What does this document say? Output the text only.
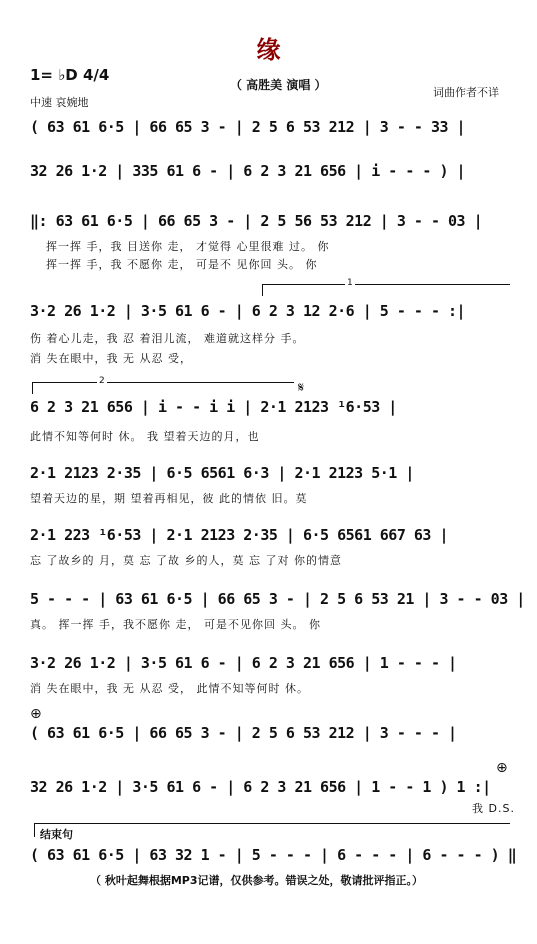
缘
1= ♭D 4/4
中速 哀婉地
（ 高胜美 演唱 ）
词曲作者不详
( 63 61 6·5 | 66 65 3 - | 2 5 6 53 212 | 3 - - 33 |
32 26 1·2 | 335 61 6 - | 6 2 3 21 656 | i - - - ) |
‖: 63 61 6·5 | 66 65 3 - | 2 5 56 53 212 | 3 - - 03 |
挥一挥 手，我 目送你 走， 才觉得 心里很难 过。 你
挥一挥 手，我 不愿你 走， 可是不 见你回 头。 你
1
3·2 26 1·2 | 3·5 61 6 - | 6 2 3 12 2·6 | 5 - - - :|
伤 着心儿走，我 忍 着泪儿流， 难道就这样分 手。
消 失在眼中，我 无 从忍 受，
2	𝄋
6 2 3 21 656 | i - - i i | 2·1 2123 ¹6·53 |
此情不知等何时 休。 我 望着天边的月，也
2·1 2123 2·35 | 6·5 6561 6·3 | 2·1 2123 5·1 |
望着天边的星，期 望着再相见，彼 此的情依 旧。莫
2·1 223 ¹6·53 | 2·1 2123 2·35 | 6·5 6561 667 63 |
忘 了故乡的 月，莫 忘 了故 乡的人，莫 忘 了对 你的情意
5 - - - | 63 61 6·5 | 66 65 3 - | 2 5 6 53 21 | 3 - - 03 |
真。 挥一挥 手，我不愿你 走， 可是不见你回 头。 你
3·2 26 1·2 | 3·5 61 6 - | 6 2 3 21 656 | 1 - - - |
消 失在眼中，我 无 从忍 受， 此情不知等何时 休。
⊕
( 63 61 6·5 | 66 65 3 - | 2 5 6 53 212 | 3 - - - |
⊕
32 26 1·2 | 3·5 61 6 - | 6 2 3 21 656 | 1 - - 1 ) 1 :|
我 D.S.
结束句
( 63 61 6·5 | 63 32 1 - | 5 - - - | 6 - - - | 6 - - - ) ‖
（ 秋叶起舞根据MP3记谱，仅供参考。错误之处，敬请批评指正。）
